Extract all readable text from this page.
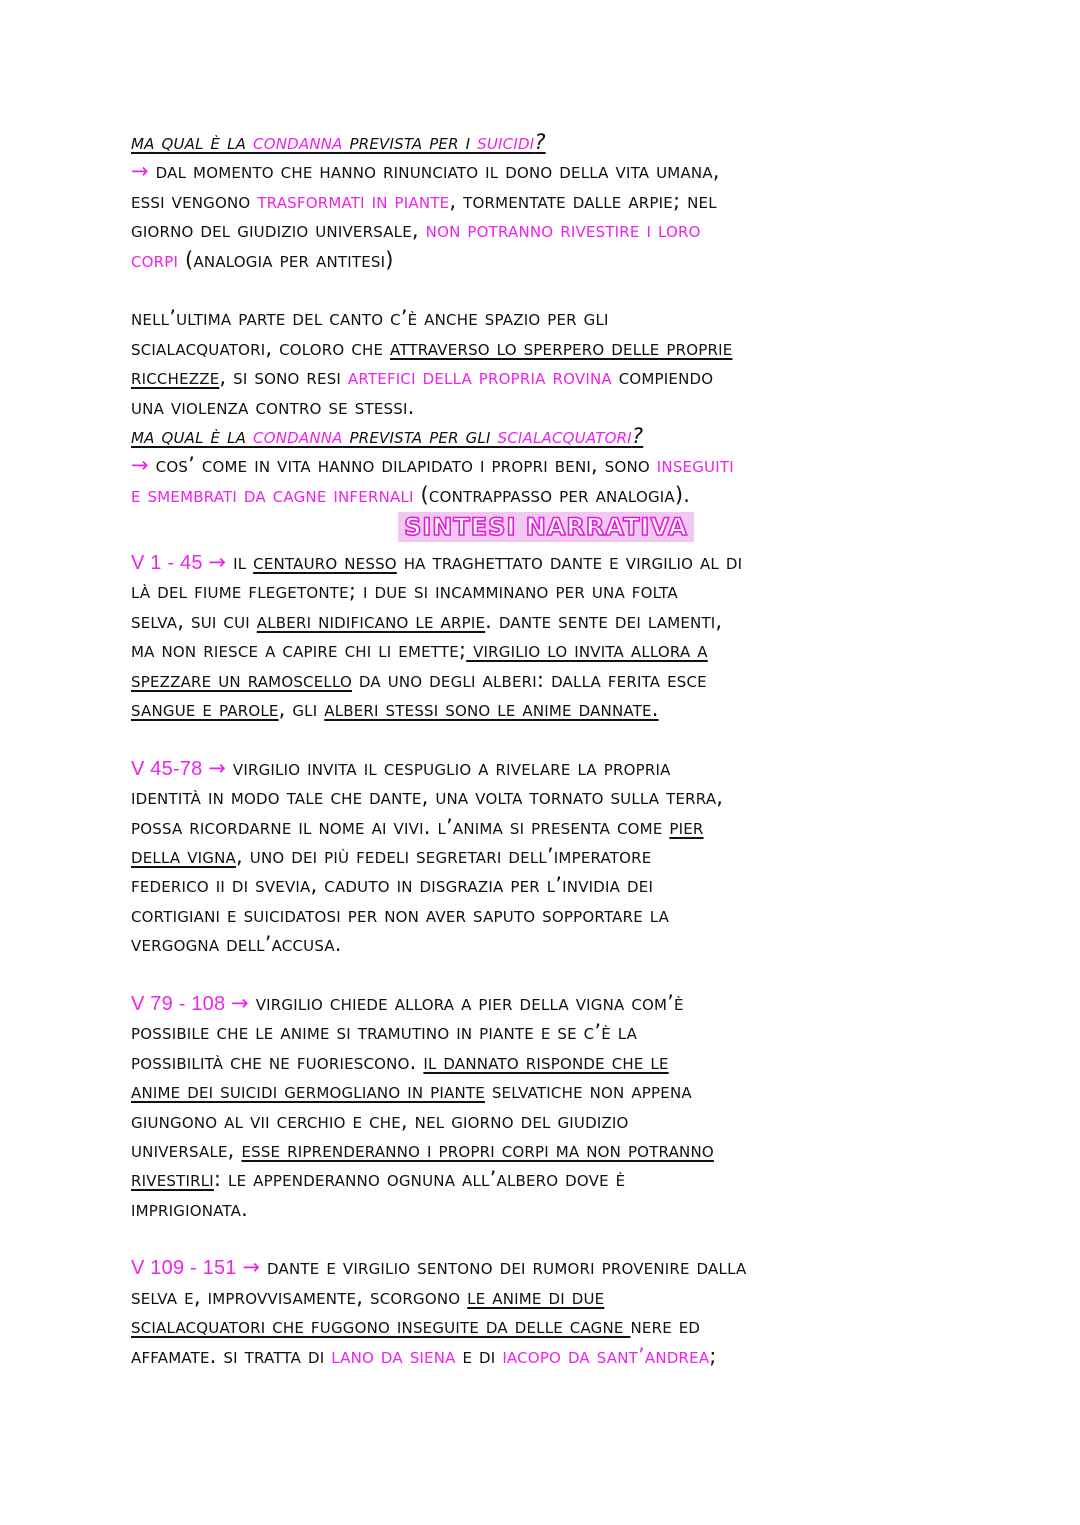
ma qual è la condanna prevista per i suicidi?
→ dal momento che hanno rinunciato il dono della vita umana,
essi vengono trasformati in piante, tormentate dalle arpie; nel
giorno del giudizio universale, non potranno rivestire i loro
corpi (analogia per antitesi)
nell’ultima parte del canto c’è anche spazio per gli
scialacquatori, coloro che attraverso lo sperpero delle proprie
ricchezze, si sono resi artefici della propria rovina compiendo
una violenza contro se stessi.
ma qual è la condanna prevista per gli scialacquatori?
→ cos’ come in vita hanno dilapidato i propri beni, sono inseguiti
e smembrati da cagne infernali (contrappasso per analogia).
SINTESI NARRATIVA
V 1 - 45 → il centauro nesso ha traghettato dante e virgilio al di
là del fiume flegetonte; i due si incamminano per una folta
selva, sui cui alberi nidificano le arpie. dante sente dei lamenti,
ma non riesce a capire chi li emette; virgilio lo invita allora a
spezzare un ramoscello da uno degli alberi: dalla ferita esce
sangue e parole, gli alberi stessi sono le anime dannate.
V 45-78 → virgilio invita il cespuglio a rivelare la propria
identità in modo tale che dante, una volta tornato sulla terra,
possa ricordarne il nome ai vivi. l’anima si presenta come pier
della vigna, uno dei più fedeli segretari dell’imperatore
federico ii di svevia, caduto in disgrazia per l’invidia dei
cortigiani e suicidatosi per non aver saputo sopportare la
vergogna dell’accusa.
V 79 - 108 → virgilio chiede allora a pier della vigna com’è
possibile che le anime si tramutino in piante e se c’è la
possibilità che ne fuoriescono. il dannato risponde che le
anime dei suicidi germogliano in piante selvatiche non appena
giungono al vii cerchio e che, nel giorno del giudizio
universale, esse riprenderanno i propri corpi ma non potranno
rivestirli: le appenderanno ognuna all’albero dove è
imprigionata.
V 109 - 151 → dante e virgilio sentono dei rumori provenire dalla
selva e, improvvisamente, scorgono le anime di due
scialacquatori che fuggono inseguite da delle cagne nere ed
affamate. si tratta di lano da siena e di iacopo da sant’andrea;
